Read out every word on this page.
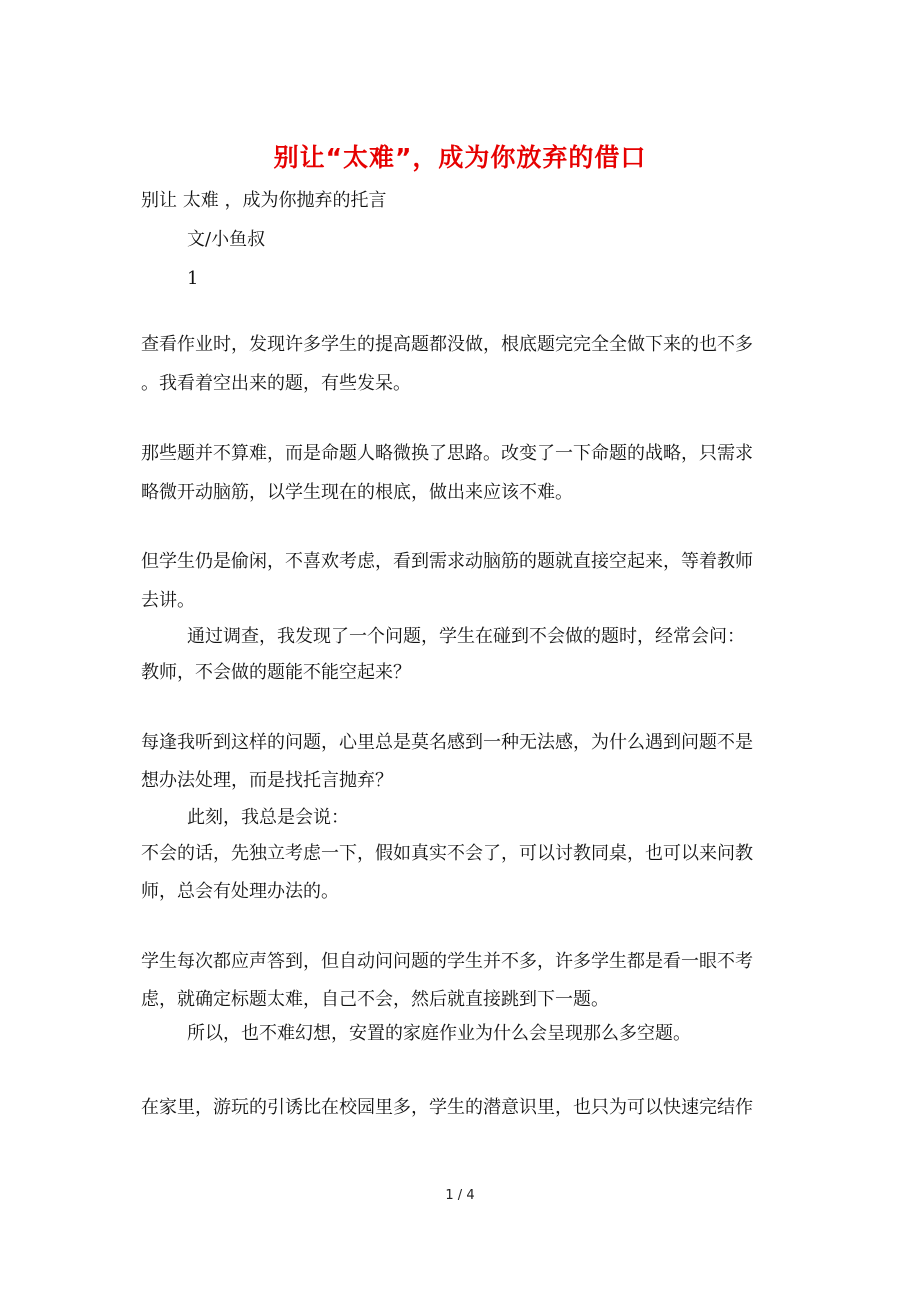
别让“太难”，成为你放弃的借口
别让 太难 ，成为你抛弃的托言
文/小鱼叔
1
查看作业时，发现许多学生的提高题都没做，根底题完完全全做下来的也不多
。我看着空出来的题，有些发呆。
那些题并不算难，而是命题人略微换了思路。改变了一下命题的战略，只需求
略微开动脑筋，以学生现在的根底，做出来应该不难。
但学生仍是偷闲，不喜欢考虑，看到需求动脑筋的题就直接空起来，等着教师
去讲。
通过调查，我发现了一个问题，学生在碰到不会做的题时，经常会问：
教师，不会做的题能不能空起来？
每逢我听到这样的问题，心里总是莫名感到一种无法感，为什么遇到问题不是
想办法处理，而是找托言抛弃？
此刻，我总是会说：
不会的话，先独立考虑一下，假如真实不会了，可以讨教同桌，也可以来问教
师，总会有处理办法的。
学生每次都应声答到，但自动问问题的学生并不多，许多学生都是看一眼不考
虑，就确定标题太难，自己不会，然后就直接跳到下一题。
所以，也不难幻想，安置的家庭作业为什么会呈现那么多空题。
在家里，游玩的引诱比在校园里多，学生的潜意识里，也只为可以快速完结作
1 / 4
